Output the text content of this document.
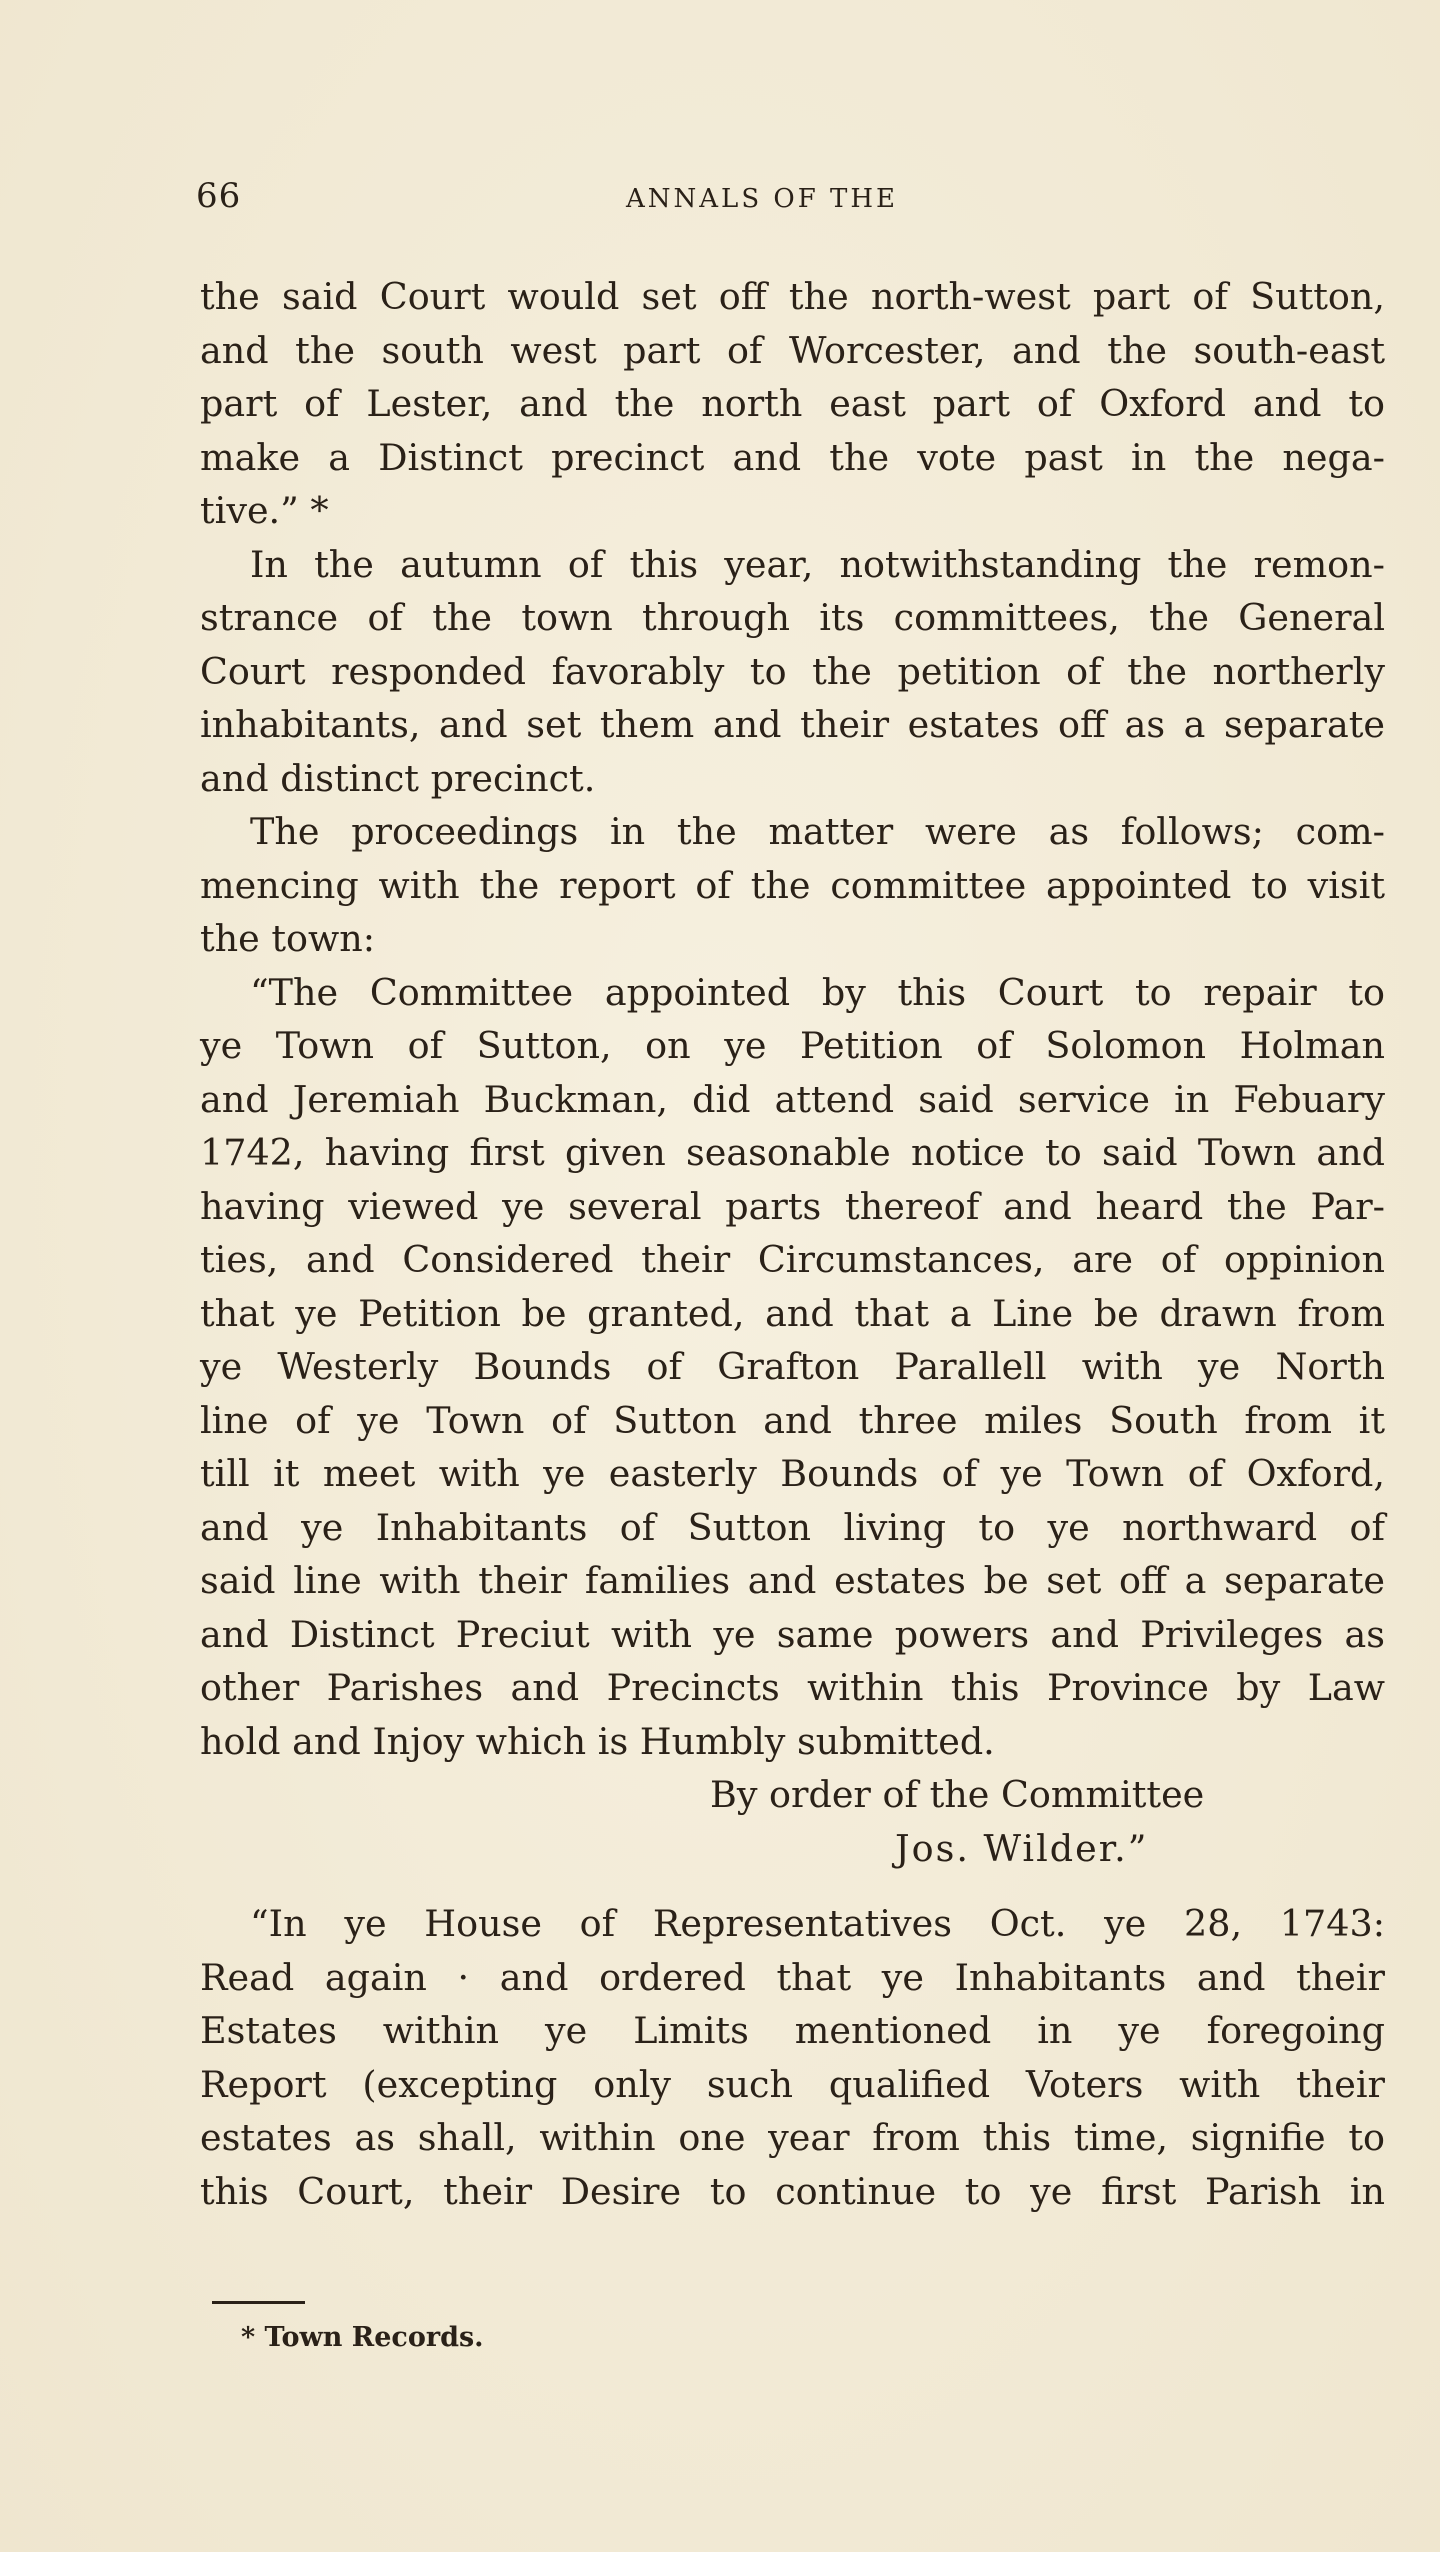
66	ANNALS OF THE
the said Court would set off the north-west part of Sutton,
and the south west part of Worcester, and the south-east
part of Lester, and the north east part of Oxford and to
make a Distinct precinct and the vote past in the nega-
tive.” *
In the autumn of this year, notwithstanding the remon-
strance of the town through its committees, the General
Court responded favorably to the petition of the northerly
inhabitants, and set them and their estates off as a separate
and distinct precinct.
The proceedings in the matter were as follows; com-
mencing with the report of the committee appointed to visit
the town:
“The Committee appointed by this Court to repair to
ye Town of Sutton, on ye Petition of Solomon Holman
and Jeremiah Buckman, did attend said service in Febuary
1742, having first given seasonable notice to said Town and
having viewed ye several parts thereof and heard the Par-
ties, and Considered their Circumstances, are of oppinion
that ye Petition be granted, and that a Line be drawn from
ye Westerly Bounds of Grafton Parallell with ye North
line of ye Town of Sutton and three miles South from it
till it meet with ye easterly Bounds of ye Town of Oxford,
and ye Inhabitants of Sutton living to ye northward of
said line with their families and estates be set off a separate
and Distinct Preciut with ye same powers and Privileges as
other Parishes and Precincts within this Province by Law
hold and Injoy which is Humbly submitted.
By order of the Committee
Jos. Wilder.”
“In ye House of Representatives Oct. ye 28, 1743:
Read again · and ordered that ye Inhabitants and their
Estates within ye Limits mentioned in ye foregoing
Report (excepting only such qualified Voters with their
estates as shall, within one year from this time, signifie to
this Court, their Desire to continue to ye first Parish in
* Town Records.
